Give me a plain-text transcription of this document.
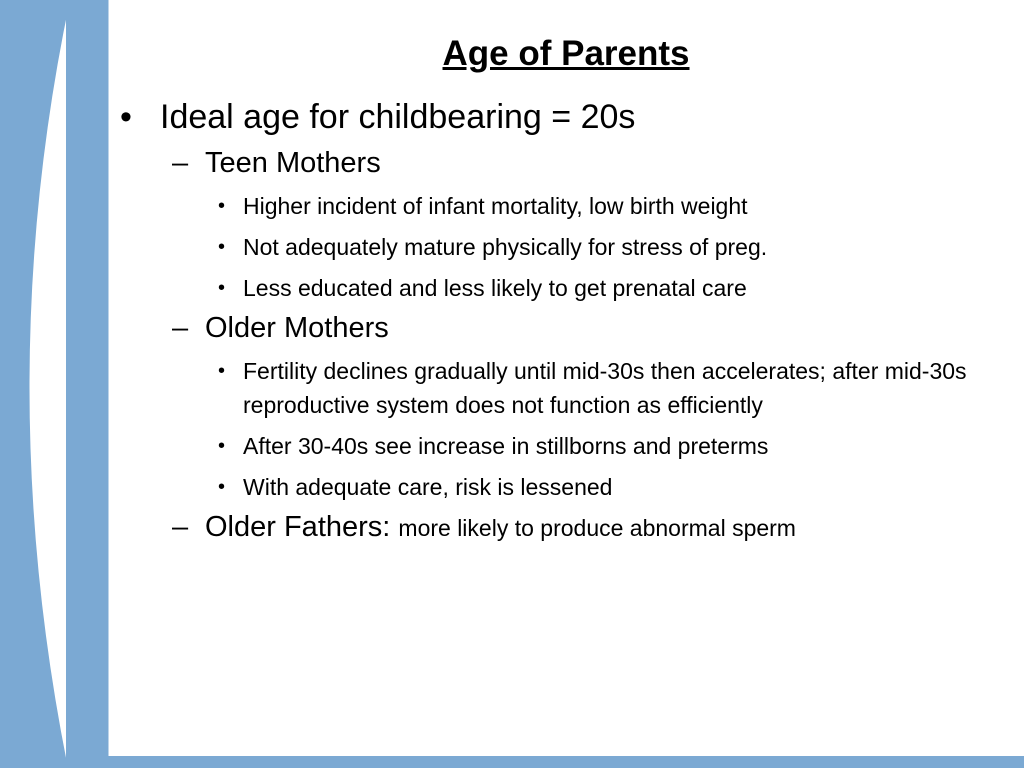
Age of Parents
• Ideal age for childbearing = 20s
– Teen Mothers
• Higher incident of infant mortality, low birth weight
• Not adequately mature physically for stress of preg.
• Less educated and less likely to get prenatal care
– Older Mothers
• Fertility declines gradually until mid-30s then accelerates; after mid-30s reproductive system does not function as efficiently
• After 30-40s see increase in stillborns and preterms
• With adequate care, risk is lessened
– Older Fathers: more likely to produce abnormal sperm
